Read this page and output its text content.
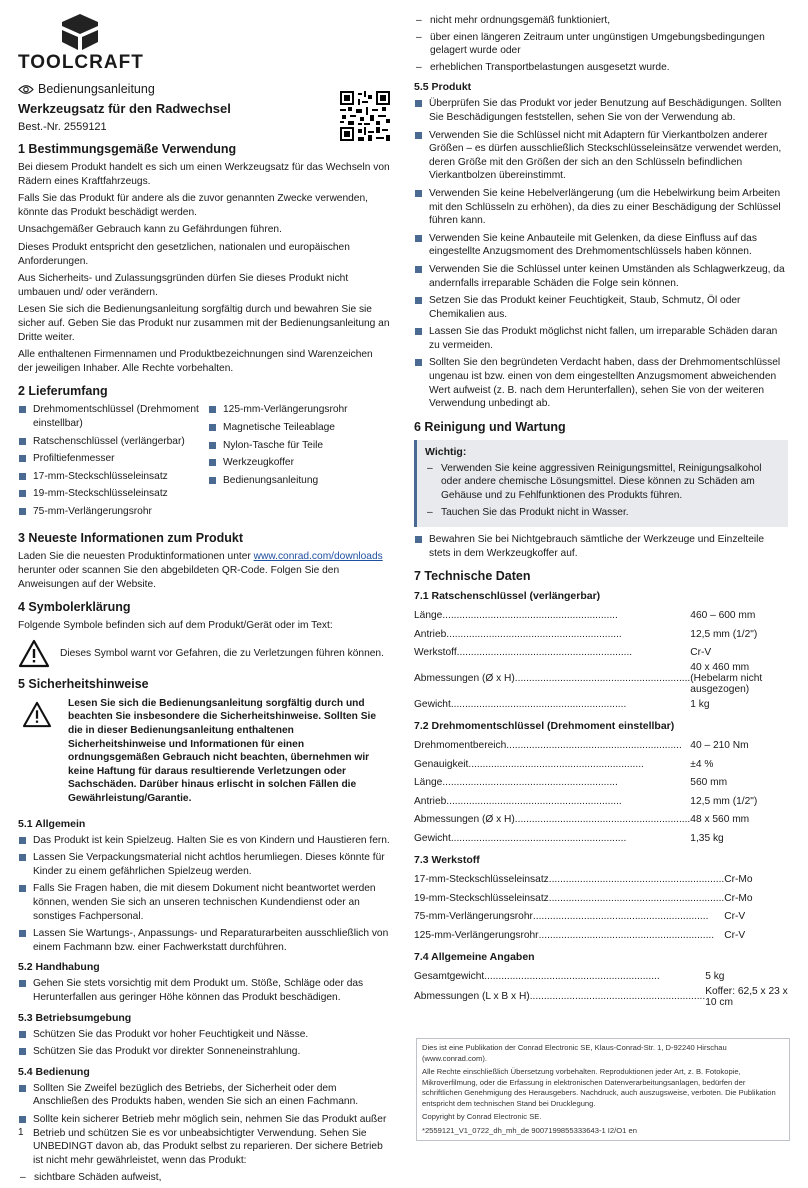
TOOLCRAFT
Bedienungsanleitung
Werkzeugsatz für den Radwechsel
Best.-Nr. 2559121
1 Bestimmungsgemäße Verwendung

Bei diesem Produkt handelt es sich um einen Werkzeugsatz für das Wechseln von Rädern eines Kraftfahrzeugs.

Falls Sie das Produkt für andere als die zuvor genannten Zwecke verwenden, könnte das Produkt beschädigt werden.

Unsachgemäßer Gebrauch kann zu Gefährdungen führen.

Dieses Produkt entspricht den gesetzlichen, nationalen und europäischen Anforderungen.

Aus Sicherheits- und Zulassungsgründen dürfen Sie dieses Produkt nicht umbauen und/ oder verändern.

Lesen Sie sich die Bedienungsanleitung sorgfältig durch und bewahren Sie sie sicher auf. Geben Sie das Produkt nur zusammen mit der Bedienungsanleitung an Dritte weiter.

Alle enthaltenen Firmennamen und Produktbezeichnungen sind Warenzeichen der jeweiligen Inhaber. Alle Rechte vorbehalten.

2 Lieferumfang
Drehmomentschlüssel (Drehmoment einstellbar)
Ratschenschlüssel (verlängerbar)
Profiltiefenmesser
17-mm-Steckschlüsseleinsatz
19-mm-Steckschlüsseleinsatz
75-mm-Verlängerungsrohr
125-mm-Verlängerungsrohr
Magnetische Teileablage
Nylon-Tasche für Teile
Werkzeugkoffer
Bedienungsanleitung
3 Neueste Informationen zum Produkt

Laden Sie die neuesten Produktinformationen unter www.conrad.com/downloads herunter oder scannen Sie den abgebildeten QR-Code. Folgen Sie den Anweisungen auf der Website.

4 Symbolerklärung

Folgende Symbole befinden sich auf dem Produkt/Gerät oder im Text:

Dieses Symbol warnt vor Gefahren, die zu Verletzungen führen können.
5 Sicherheitshinweise

Lesen Sie sich die Bedienungsanleitung sorgfältig durch und beachten Sie insbesondere die Sicherheitshinweise. Sollten Sie die in dieser Bedienungsanleitung enthaltenen Sicherheitshinweise und Informationen für einen ordnungsgemäßen Gebrauch nicht beachten, übernehmen wir keine Haftung für daraus resultierende Verletzungen oder Sachschäden. Darüber hinaus erlischt in solchen Fällen die Gewährleistung/Garantie.

5.1 Allgemein
Das Produkt ist kein Spielzeug. Halten Sie es von Kindern und Haustieren fern.
Lassen Sie Verpackungsmaterial nicht achtlos herumliegen. Dieses könnte für Kinder zu einem gefährlichen Spielzeug werden.
Falls Sie Fragen haben, die mit diesem Dokument nicht beantwortet werden können, wenden Sie sich an unseren technischen Kundendienst oder an sonstiges Fachpersonal.
Lassen Sie Wartungs-, Anpassungs- und Reparaturarbeiten ausschließlich von einem Fachmann bzw. einer Fachwerkstatt durchführen.
5.2 Handhabung
Gehen Sie stets vorsichtig mit dem Produkt um. Stöße, Schläge oder das Herunterfallen aus geringer Höhe können das Produkt beschädigen.
5.3 Betriebsumgebung
Schützen Sie das Produkt vor hoher Feuchtigkeit und Nässe.
Schützen Sie das Produkt vor direkter Sonneneinstrahlung.
5.4 Bedienung
Sollten Sie Zweifel bezüglich des Betriebs, der Sicherheit oder dem Anschließen des Produkts haben, wenden Sie sich an einen Fachmann.
Sollte kein sicherer Betrieb mehr möglich sein, nehmen Sie das Produkt außer Betrieb und schützen Sie es vor unbeabsichtigter Verwendung. Sehen Sie UNBEDINGT davon ab, das Produkt selbst zu reparieren. Der sichere Betrieb ist nicht mehr gewährleistet, wenn das Produkt:
– sichtbare Schäden aufweist,
– nicht mehr ordnungsgemäß funktioniert,
– über einen längeren Zeitraum unter ungünstigen Umgebungsbedingungen gelagert wurde oder
– erheblichen Transportbelastungen ausgesetzt wurde.
5.5 Produkt
Überprüfen Sie das Produkt vor jeder Benutzung auf Beschädigungen. Sollten Sie Beschädigungen feststellen, sehen Sie von der Verwendung ab.
Verwenden Sie die Schlüssel nicht mit Adaptern für Vierkantbolzen anderer Größen – es dürfen ausschließlich Steckschlüsseleinsätze verwendet werden, deren Größe mit den Größen der sich an den Schlüsseln befindlichen Vierkantbolzen übereinstimmt.
Verwenden Sie keine Hebelverlängerung (um die Hebelwirkung beim Arbeiten mit den Schlüsseln zu erhöhen), da dies zu einer Beschädigung der Schlüssel führen kann.
Verwenden Sie keine Anbauteile mit Gelenken, da diese Einfluss auf das eingestellte Anzugsmoment des Drehmomentschlüssels haben können.
Verwenden Sie die Schlüssel unter keinen Umständen als Schlagwerkzeug, da andernfalls irreparable Schäden die Folge sein können.
Setzen Sie das Produkt keiner Feuchtigkeit, Staub, Schmutz, Öl oder Chemikalien aus.
Lassen Sie das Produkt möglichst nicht fallen, um irreparable Schäden daran zu vermeiden.
Sollten Sie den begründeten Verdacht haben, dass der Drehmomentschlüssel ungenau ist bzw. einen von dem eingestellten Anzugsmoment abweichenden Wert aufweist (z. B. nach dem Herunterfallen), sehen Sie von der weiteren Verwendung unbedingt ab.
6 Reinigung und Wartung
Wichtig:
– Verwenden Sie keine aggressiven Reinigungsmittel, Reinigungsalkohol oder andere chemische Lösungsmittel. Diese können zu Schäden am Gehäuse und zu Fehlfunktionen des Produkts führen.
– Tauchen Sie das Produkt nicht in Wasser.
Bewahren Sie bei Nichtgebrauch sämtliche der Werkzeuge und Einzelteile stets in dem Werkzeugkoffer auf.
7 Technische Daten
7.1 Ratschenschlüssel (verlängerbar)
Länge..............................................................	460 – 600 mm
Antrieb..............................................................	12,5 mm (1/2")
Werkstoff..............................................................	Cr-V
Abmessungen (Ø x H)..............................................................	40 x 460 mm (Hebelarm nicht ausgezogen)
Gewicht..............................................................	1 kg
7.2 Drehmomentschlüssel (Drehmoment einstellbar)
Drehmomentbereich..............................................................	40 – 210 Nm
Genauigkeit..............................................................	±4 %
Länge..............................................................	560 mm
Antrieb..............................................................	12,5 mm (1/2")
Abmessungen (Ø x H)..............................................................	48 x 560 mm
Gewicht..............................................................	1,35 kg
7.3 Werkstoff
17-mm-Steckschlüsseleinsatz..............................................................	Cr-Mo
19-mm-Steckschlüsseleinsatz..............................................................	Cr-Mo
75-mm-Verlängerungsrohr..............................................................	Cr-V
125-mm-Verlängerungsrohr..............................................................	Cr-V
7.4 Allgemeine Angaben
Gesamtgewicht..............................................................	5 kg
Abmessungen (L x B x H)..............................................................	Koffer: 62,5 x 23 x 10 cm
Dies ist eine Publikation der Conrad Electronic SE, Klaus-Conrad-Str. 1, D-92240 Hirschau (www.conrad.com).
Alle Rechte einschließlich Übersetzung vorbehalten. Reproduktionen jeder Art, z. B. Fotokopie, Mikroverfilmung, oder die Erfassung in elektronischen Datenverarbeitungsanlagen, bedürfen der schriftlichen Genehmigung des Herausgebers. Nachdruck, auch auszugsweise, verboten. Die Publikation entspricht dem technischen Stand bei Drucklegung.
Copyright by Conrad Electronic SE.
*2559121_V1_0722_dh_mh_de 9007199855333643-1 I2/O1 en
1
